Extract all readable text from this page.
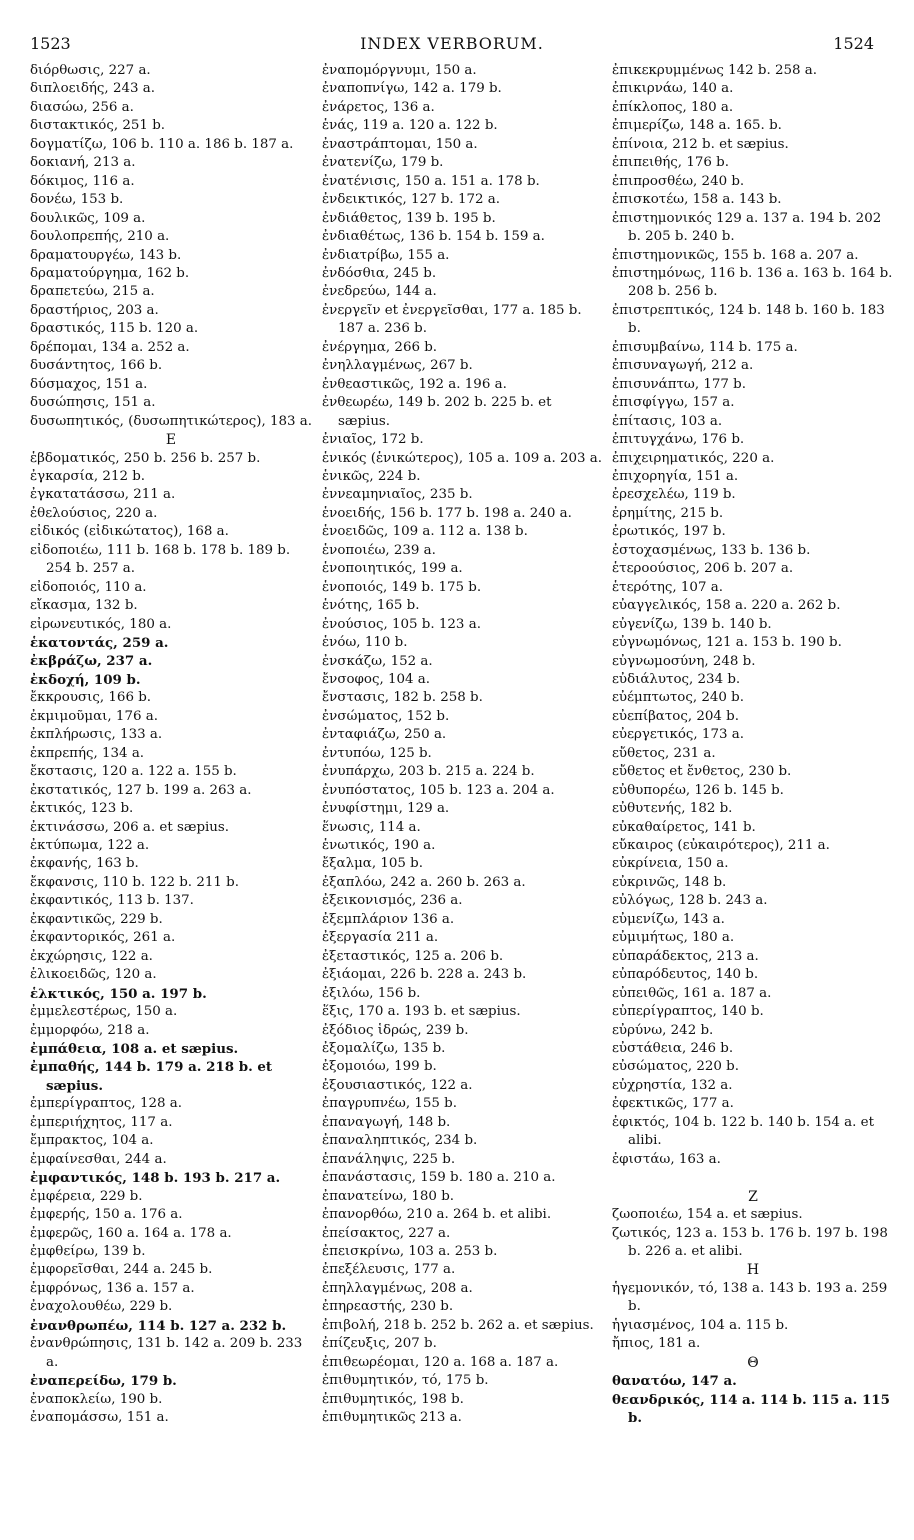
1523	INDEX VERBORUM.	1524
διόρθωσις, 227 a.
διπλοειδής, 243 a.
διασώω, 256 a.
διστακτικός, 251 b.
δογματίζω, 106 b. 110 a. 186 b. 187 a.
δοκιανή, 213 a.
δόκιμος, 116 a.
δονέω, 153 b.
δουλικῶς, 109 a.
δουλοπρεπής, 210 a.
δραματουργέω, 143 b.
δραματούργημα, 162 b.
δραπετεύω, 215 a.
δραστήριος, 203 a.
δραστικός, 115 b. 120 a.
δρέπομαι, 134 a. 252 a.
δυσάντητος, 166 b.
δύσμαχος, 151 a.
δυσώπησις, 151 a.
δυσωπητικός, (δυσωπητικώτερος), 183 a.
E
ἑβδοματικός, 250 b. 256 b. 257 b.
ἐγκαρσία, 212 b.
ἐγκατατάσσω, 211 a.
ἐθελούσιος, 220 a.
εἰδικός (εἰδικώτατος), 168 a.
εἰδοποιέω, 111 b. 168 b. 178 b. 189 b. 254 b. 257 a.
εἰδοποιός, 110 a.
εἴκασμα, 132 b.
εἰρωνευτικός, 180 a.
ἑκατοντάς, 259 a.
ἐκβράζω, 237 a.
ἐκδοχή, 109 b.
ἔκκρουσις, 166 b.
ἐκμιμοῦμαι, 176 a.
ἐκπλήρωσις, 133 a.
ἐκπρεπής, 134 a.
ἔκστασις, 120 a. 122 a. 155 b.
ἐκστατικός, 127 b. 199 a. 263 a.
ἐκτικός, 123 b.
ἐκτινάσσω, 206 a. et sæpius.
ἐκτύπωμα, 122 a.
ἐκφανής, 163 b.
ἔκφανσις, 110 b. 122 b. 211 b.
ἐκφαντικός, 113 b. 137.
ἐκφαντικῶς, 229 b.
ἐκφαντορικός, 261 a.
ἐκχώρησις, 122 a.
ἑλικοειδῶς, 120 a.
ἑλκτικός, 150 a. 197 b.
ἐμμελεστέρως, 150 a.
ἐμμορφόω, 218 a.
ἐμπάθεια, 108 a. et sæpius.
ἐμπαθής, 144 b. 179 a. 218 b. et sæpius.
ἐμπερίγραπτος, 128 a.
ἐμπεριήχητος, 117 a.
ἔμπρακτος, 104 a.
ἐμφαίνεσθαι, 244 a.
ἐμφαντικός, 148 b. 193 b. 217 a.
ἐμφέρεια, 229 b.
ἐμφερής, 150 a. 176 a.
ἐμφερῶς, 160 a. 164 a. 178 a.
ἐμφθείρω, 139 b.
ἐμφορεῖσθαι, 244 a. 245 b.
ἐμφρόνως, 136 a. 157 a.
ἐναχολουθέω, 229 b.
ἐνανθρωπέω, 114 b. 127 a. 232 b.
ἐνανθρώπησις, 131 b. 142 a. 209 b. 233 a.
ἐναπερείδω, 179 b.
ἐναποκλείω, 190 b.
ἐναπομάσσω, 151 a.
ἐναπομόργνυμι, 150 a.
ἐναποπνίγω, 142 a. 179 b.
ἐνάρετος, 136 a.
ἑνάς, 119 a. 120 a. 122 b.
ἐναστράπτομαι, 150 a.
ἐνατενίζω, 179 b.
ἐνατένισις, 150 a. 151 a. 178 b.
ἐνδεικτικός, 127 b. 172 a.
ἐνδιάθετος, 139 b. 195 b.
ἐνδιαθέτως, 136 b. 154 b. 159 a.
ἐνδιατρίβω, 155 a.
ἐνδόσθια, 245 b.
ἐνεδρεύω, 144 a.
ἐνεργεῖν et ἐνεργεῖσθαι, 177 a. 185 b. 187 a. 236 b.
ἐνέργημα, 266 b.
ἐνηλλαγμένως, 267 b.
ἐνθεαστικῶς, 192 a. 196 a.
ἐνθεωρέω, 149 b. 202 b. 225 b. et sæpius.
ἐνιαῖος, 172 b.
ἑνικός (ἑνικώτερος), 105 a. 109 a. 203 a.
ἑνικῶς, 224 b.
ἐννεαμηνιαῖος, 235 b.
ἑνοειδής, 156 b. 177 b. 198 a. 240 a.
ἑνοειδῶς, 109 a. 112 a. 138 b.
ἑνοποιέω, 239 a.
ἑνοποιητικός, 199 a.
ἑνοποιός, 149 b. 175 b.
ἑνότης, 165 b.
ἐνούσιος, 105 b. 123 a.
ἑνόω, 110 b.
ἐνσκάζω, 152 a.
ἔνσοφος, 104 a.
ἔνστασις, 182 b. 258 b.
ἐνσώματος, 152 b.
ἐνταφιάζω, 250 a.
ἐντυπόω, 125 b.
ἐνυπάρχω, 203 b. 215 a. 224 b.
ἐνυπόστατος, 105 b. 123 a. 204 a.
ἐνυφίστημι, 129 a.
ἕνωσις, 114 a.
ἑνωτικός, 190 a.
ἔξαλμα, 105 b.
ἐξαπλόω, 242 a. 260 b. 263 a.
ἐξεικονισμός, 236 a.
ἐξεμπλάριον 136 a.
ἐξεργασία 211 a.
ἐξεταστικός, 125 a. 206 b.
ἐξιάομαι, 226 b. 228 a. 243 b.
ἐξιλόω, 156 b.
ἕξις, 170 a. 193 b. et sæpius.
ἐξόδιος ἱδρώς, 239 b.
ἐξομαλίζω, 135 b.
ἐξομοιόω, 199 b.
ἐξουσιαστικός, 122 a.
ἐπαγρυπνέω, 155 b.
ἐπαναγωγή, 148 b.
ἐπαναληπτικός, 234 b.
ἐπανάληψις, 225 b.
ἐπανάστασις, 159 b. 180 a. 210 a.
ἐπανατείνω, 180 b.
ἐπανορθόω, 210 a. 264 b. et alibi.
ἐπείσακτος, 227 a.
ἐπεισκρίνω, 103 a. 253 b.
ἐπεξέλευσις, 177 a.
ἐπηλλαγμένως, 208 a.
ἐπηρεαστής, 230 b.
ἐπιβολή, 218 b. 252 b. 262 a. et sæpius.
ἐπίζευξις, 207 b.
ἐπιθεωρέομαι, 120 a. 168 a. 187 a.
ἐπιθυμητικόν, τό, 175 b.
ἐπιθυμητικός, 198 b.
ἐπιθυμητικῶς 213 a.
ἐπικεκρυμμένως 142 b. 258 a.
ἐπικιρνάω, 140 a.
ἐπίκλοπος, 180 a.
ἐπιμερίζω, 148 a. 165. b.
ἐπίνοια, 212 b. et sæpius.
ἐπιπειθής, 176 b.
ἐπιπροσθέω, 240 b.
ἐπισκοτέω, 158 a. 143 b.
ἐπιστημονικός 129 a. 137 a. 194 b. 202 b. 205 b. 240 b.
ἐπιστημονικῶς, 155 b. 168 a. 207 a.
ἐπιστημόνως, 116 b. 136 a. 163 b. 164 b. 208 b. 256 b.
ἐπιστρεπτικός, 124 b. 148 b. 160 b. 183 b.
ἐπισυμβαίνω, 114 b. 175 a.
ἐπισυναγωγή, 212 a.
ἐπισυνάπτω, 177 b.
ἐπισφίγγω, 157 a.
ἐπίτασις, 103 a.
ἐπιτυγχάνω, 176 b.
ἐπιχειρηματικός, 220 a.
ἐπιχορηγία, 151 a.
ἐρεσχελέω, 119 b.
ἐρημίτης, 215 b.
ἐρωτικός, 197 b.
ἐστοχασμένως, 133 b. 136 b.
ἑτεροούσιος, 206 b. 207 a.
ἑτερότης, 107 a.
εὐαγγελικός, 158 a. 220 a. 262 b.
εὐγενίζω, 139 b. 140 b.
εὐγνωμόνως, 121 a. 153 b. 190 b.
εὐγνωμοσύνη, 248 b.
εὐδιάλυτος, 234 b.
εὐέμπτωτος, 240 b.
εὐεπίβατος, 204 b.
εὐεργετικός, 173 a.
εὔθετος, 231 a.
εὔθετος et ἔνθετος, 230 b.
εὐθυπορέω, 126 b. 145 b.
εὐθυτενής, 182 b.
εὐκαθαίρετος, 141 b.
εὔκαιρος (εὐκαιρότερος), 211 a.
εὐκρίνεια, 150 a.
εὐκρινῶς, 148 b.
εὐλόγως, 128 b. 243 a.
εὐμενίζω, 143 a.
εὐμιμήτως, 180 a.
εὐπαράδεκτος, 213 a.
εὐπαρόδευτος, 140 b.
εὐπειθῶς, 161 a. 187 a.
εὐπερίγραπτος, 140 b.
εὐρύνω, 242 b.
εὐστάθεια, 246 b.
εὐσώματος, 220 b.
εὐχρηστία, 132 a.
ἐφεκτικῶς, 177 a.
ἐφικτός, 104 b. 122 b. 140 b. 154 a. et alibi.
ἐφιστάω, 163 a.
Z
ζωοποιέω, 154 a. et sæpius.
ζωτικός, 123 a. 153 b. 176 b. 197 b. 198 b. 226 a. et alibi.
H
ἡγεμονικόν, τό, 138 a. 143 b. 193 a. 259 b.
ἡγιασμένος, 104 a. 115 b.
ἤπιος, 181 a.
Θ
θανατόω, 147 a.
θεανδρικός, 114 a. 114 b. 115 a. 115 b.
